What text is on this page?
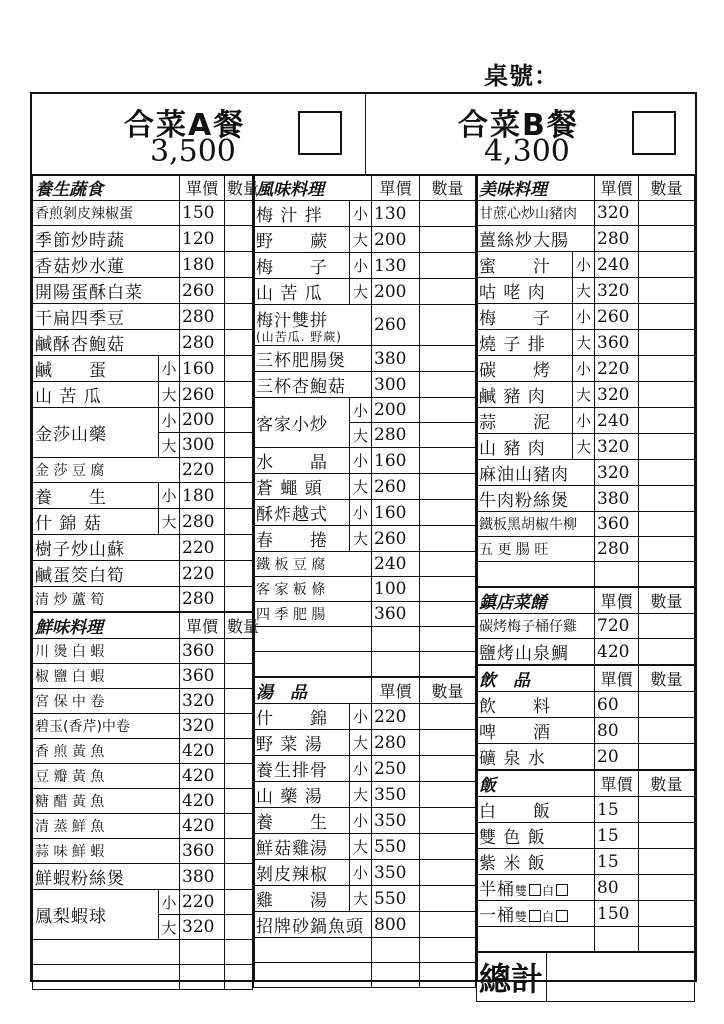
桌號：
合菜A餐
3,500
合菜B餐
4,300
養生蔬食		單價	數量
香煎剝皮辣椒蛋		150	
季節炒時蔬		120	
香菇炒水蓮		180	
開陽蛋酥白菜		260	
干扁四季豆		280	
鹹酥杏鮑菇		280	
鹹　　蛋	小	160	
山 苦 瓜	大	260	
金莎山藥	小	200	
	大	300	
金 莎 豆 腐		220	
養　　生	小	180	
什 錦 菇	大	280	
樹子炒山蘇		220	
鹹蛋筊白筍		220	
清 炒 蘆 筍		280	
鮮味料理		單價	數量
川 燙 白 蝦		360	
椒 鹽 白 蝦		360	
宮 保 中 卷		320	
碧玉(香芹)中卷		320	
香 煎 黃 魚		420	
豆 瓣 黃 魚		420	
糖 醋 黃 魚		420	
清 蒸 鮮 魚		420	
蒜 味 鮮 蝦		360	
鮮蝦粉絲煲		380	
鳳梨蝦球	小	220	
	大	320	

風味料理		單價	數量
梅 汁 拌	小	130	
野　　蕨	大	200	
梅　　子	小	130	
山 苦 瓜	大	200	

梅汁雙拼
(山苦瓜. 野蕨)		260	
三杯肥腸煲		380	
三杯杏鮑菇		300	
客家小炒	小	200	
	大	280	
水　　晶	小	160	
蒼 蠅 頭	大	260	
酥炸越式	小	160	
春　　捲	大	260	
鐵 板 豆 腐		240	
客 家 粄 條		100	
四 季 肥 腸		360	

湯　品		單價	數量
什　　錦	小	220	
野 菜 湯	大	280	
養生排骨	小	250	
山 藥 湯	大	350	
養　　生	小	350	
鮮菇雞湯	大	550	
剝皮辣椒	小	350	
雞　　湯	大	550	
招牌砂鍋魚頭		800	

美味料理		單價	數量
甘蔗心炒山豬肉		320	
薑絲炒大腸		280	
蜜　　汁	小	240	
咕 咾 肉	大	320	
梅　　子	小	260	
燒 子 排	大	360	
碳　　烤	小	220	
鹹 豬 肉	大	320	
蒜　　泥	小	240	
山 豬 肉	大	320	
麻油山豬肉		320	
牛肉粉絲煲		380	
鐵板黑胡椒牛柳		360	
五 更 腸 旺		280	

鎮店菜餚	單價	數量
碳烤梅子桶仔雞	720	
鹽烤山泉鯛	420	
飲　品	單價	數量
飲　　料	60	
啤　　酒	80	
礦 泉 水	20	
飯	單價	數量
白　　飯	15	
雙 色 飯	15	
紫 米 飯	15	
半桶雙 白	80	
一桶雙 白	150	

總計	
